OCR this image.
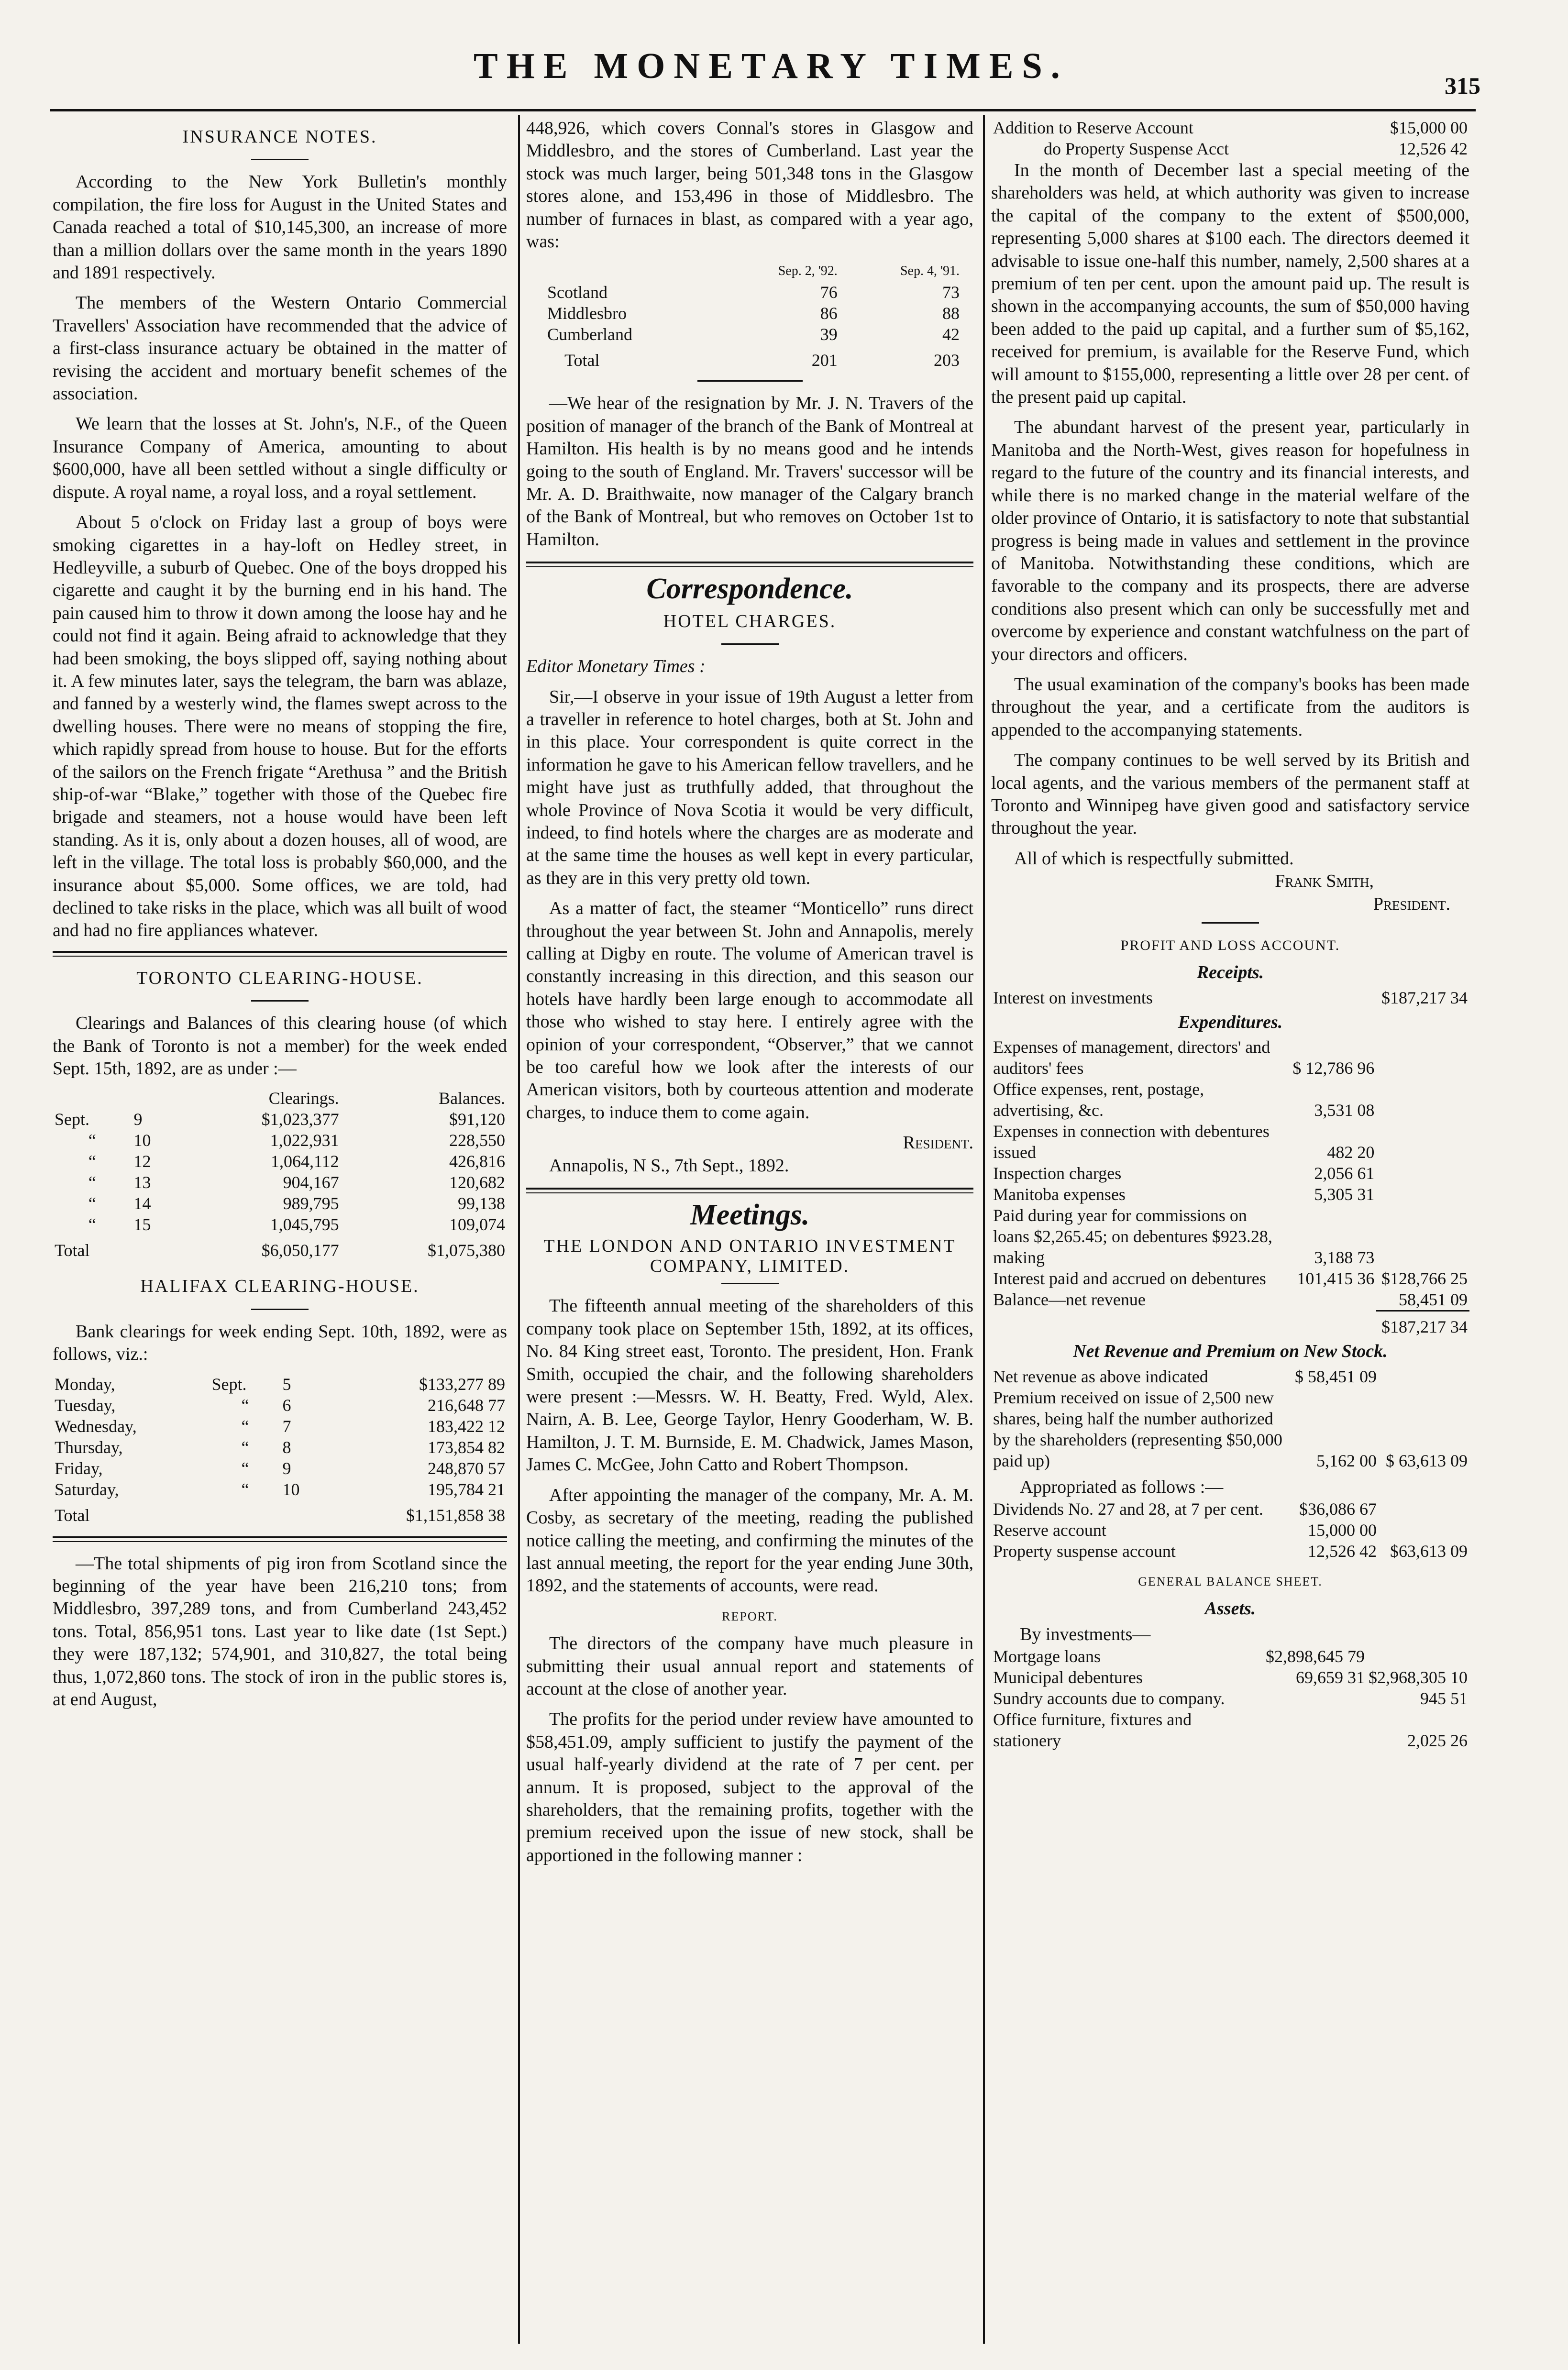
THE MONETARY TIMES.	315
INSURANCE NOTES.

According to the New York Bulletin's monthly compilation, the fire loss for August in the United States and Canada reached a total of $10,145,300, an increase of more than a million dollars over the same month in the years 1890 and 1891 respectively.

The members of the Western Ontario Commercial Travellers' Association have recommended that the advice of a first-class insurance actuary be obtained in the matter of revising the accident and mortuary benefit schemes of the association.

We learn that the losses at St. John's, N.F., of the Queen Insurance Company of America, amounting to about $600,000, have all been settled without a single difficulty or dispute. A royal name, a royal loss, and a royal settlement.

About 5 o'clock on Friday last a group of boys were smoking cigarettes in a hay-loft on Hedley street, in Hedleyville, a suburb of Quebec. One of the boys dropped his cigarette and caught it by the burning end in his hand. The pain caused him to throw it down among the loose hay and he could not find it again. Being afraid to acknowledge that they had been smoking, the boys slipped off, saying nothing about it. A few minutes later, says the telegram, the barn was ablaze, and fanned by a westerly wind, the flames swept across to the dwelling houses. There were no means of stopping the fire, which rapidly spread from house to house. But for the efforts of the sailors on the French frigate “Arethusa ” and the British ship-of-war “Blake,” together with those of the Quebec fire brigade and steamers, not a house would have been left standing. As it is, only about a dozen houses, all of wood, are left in the village. The total loss is probably $60,000, and the insurance about $5,000. Some offices, we are told, had declined to take risks in the place, which was all built of wood and had no fire appliances whatever.

TORONTO CLEARING-HOUSE.

Clearings and Balances of this clearing house (of which the Bank of Toronto is not a member) for the week ended Sept. 15th, 1892, are as under :—

		Clearings.	Balances.
Sept.	9	$1,023,377	$91,120
“	10	1,022,931	228,550
“	12	1,064,112	426,816
“	13	904,167	120,682
“	14	989,795	99,138
“	15	1,045,795	109,074
Total		$6,050,177	$1,075,380
HALIFAX CLEARING-HOUSE.

Bank clearings for week ending Sept. 10th, 1892, were as follows, viz.:

Monday,	Sept.	5	$133,277 89
Tuesday,	“	6	216,648 77
Wednesday,	“	7	183,422 12
Thursday,	“	8	173,854 82
Friday,	“	9	248,870 57
Saturday,	“	10	195,784 21
Total			$1,151,858 38

—The total shipments of pig iron from Scotland since the beginning of the year have been 216,210 tons; from Middlesbro, 397,289 tons, and from Cumberland 243,452 tons. Total, 856,951 tons. Last year to like date (1st Sept.) they were 187,132; 574,901, and 310,827, the total being thus, 1,072,860 tons. The stock of iron in the public stores is, at end August,

448,926, which covers Connal's stores in Glasgow and Middlesbro, and the stores of Cumberland. Last year the stock was much larger, being 501,348 tons in the Glasgow stores alone, and 153,496 in those of Middlesbro. The number of furnaces in blast, as compared with a year ago, was:

	Sep. 2, '92.	Sep. 4, '91.
Scotland	76	73
Middlesbro	86	88
Cumberland	39	42
Total	201	203

—We hear of the resignation by Mr. J. N. Travers of the position of manager of the branch of the Bank of Montreal at Hamilton. His health is by no means good and he intends going to the south of England. Mr. Travers' successor will be Mr. A. D. Braithwaite, now manager of the Calgary branch of the Bank of Montreal, but who removes on October 1st to Hamilton.

Correspondence.
HOTEL CHARGES.

Editor Monetary Times :

Sir,—I observe in your issue of 19th August a letter from a traveller in reference to hotel charges, both at St. John and in this place. Your correspondent is quite correct in the information he gave to his American fellow travellers, and he might have just as truthfully added, that throughout the whole Province of Nova Scotia it would be very difficult, indeed, to find hotels where the charges are as moderate and at the same time the houses as well kept in every particular, as they are in this very pretty old town.

As a matter of fact, the steamer “Monticello” runs direct throughout the year between St. John and Annapolis, merely calling at Digby en route. The volume of American travel is constantly increasing in this direction, and this season our hotels have hardly been large enough to accommodate all those who wished to stay here. I entirely agree with the opinion of your correspondent, “Observer,” that we cannot be too careful how we look after the interests of our American visitors, both by courteous attention and moderate charges, to induce them to come again.

Resident.

Annapolis, N S., 7th Sept., 1892.

Meetings.
THE LONDON AND ONTARIO INVESTMENT COMPANY, LIMITED.

The fifteenth annual meeting of the shareholders of this company took place on September 15th, 1892, at its offices, No. 84 King street east, Toronto. The president, Hon. Frank Smith, occupied the chair, and the following shareholders were present :—Messrs. W. H. Beatty, Fred. Wyld, Alex. Nairn, A. B. Lee, George Taylor, Henry Gooderham, W. B. Hamilton, J. T. M. Burnside, E. M. Chadwick, James Mason, James C. McGee, John Catto and Robert Thompson.

After appointing the manager of the company, Mr. A. M. Cosby, as secretary of the meeting, reading the published notice calling the meeting, and confirming the minutes of the last annual meeting, the report for the year ending June 30th, 1892, and the statements of accounts, were read.

REPORT.

The directors of the company have much pleasure in submitting their usual annual report and statements of account at the close of another year.

The profits for the period under review have amounted to $58,451.09, amply sufficient to justify the payment of the usual half-yearly dividend at the rate of 7 per cent. per annum. It is proposed, subject to the approval of the shareholders, that the remaining profits, together with the premium received upon the issue of new stock, shall be apportioned in the following manner :

Addition to Reserve Account	$15,000 00
do Property Suspense Acct	12,526 42

In the month of December last a special meeting of the shareholders was held, at which authority was given to increase the capital of the company to the extent of $500,000, representing 5,000 shares at $100 each. The directors deemed it advisable to issue one-half this number, namely, 2,500 shares at a premium of ten per cent. upon the amount paid up. The result is shown in the accompanying accounts, the sum of $50,000 having been added to the paid up capital, and a further sum of $5,162, received for premium, is available for the Reserve Fund, which will amount to $155,000, representing a little over 28 per cent. of the present paid up capital.

The abundant harvest of the present year, particularly in Manitoba and the North-West, gives reason for hopefulness in regard to the future of the country and its financial interests, and while there is no marked change in the material welfare of the older province of Ontario, it is satisfactory to note that substantial progress is being made in values and settlement in the province of Manitoba. Notwithstanding these conditions, which are favorable to the company and its prospects, there are adverse conditions also present which can only be successfully met and overcome by experience and constant watchfulness on the part of your directors and officers.

The usual examination of the company's books has been made throughout the year, and a certificate from the auditors is appended to the accompanying statements.

The company continues to be well served by its British and local agents, and the various members of the permanent staff at Toronto and Winnipeg have given good and satisfactory service throughout the year.

All of which is respectfully submitted.

Frank Smith,
President.
PROFIT AND LOSS ACCOUNT.
Receipts.
Interest on investments		$187,217 34
Expenditures.
Expenses of management, directors' and auditors' fees	$ 12,786 96	
Office expenses, rent, postage, advertising, &c.	3,531 08	
Expenses in connection with debentures issued	482 20	
Inspection charges	2,056 61	
Manitoba expenses	5,305 31	
Paid during year for commissions on loans $2,265.45; on debentures $923.28, making	3,188 73	
Interest paid and accrued on debentures	101,415 36	$128,766 25
Balance—net revenue		58,451 09
		$187,217 34
Net Revenue and Premium on New Stock.
Net revenue as above indicated	$ 58,451 09	
Premium received on issue of 2,500 new shares, being half the number authorized by the shareholders (representing $50,000 paid up)	5,162 00	$ 63,613 09

Appropriated as follows :—

Dividends No. 27 and 28, at 7 per cent.	$36,086 67	
Reserve account	15,000 00	
Property suspense account	12,526 42	$63,613 09
GENERAL BALANCE SHEET.
Assets.

By investments—

Mortgage loans	$2,898,645 79	
Municipal debentures	69,659 31	$2,968,305 10
Sundry accounts due to company.		945 51
Office furniture, fixtures and stationery		2,025 26
